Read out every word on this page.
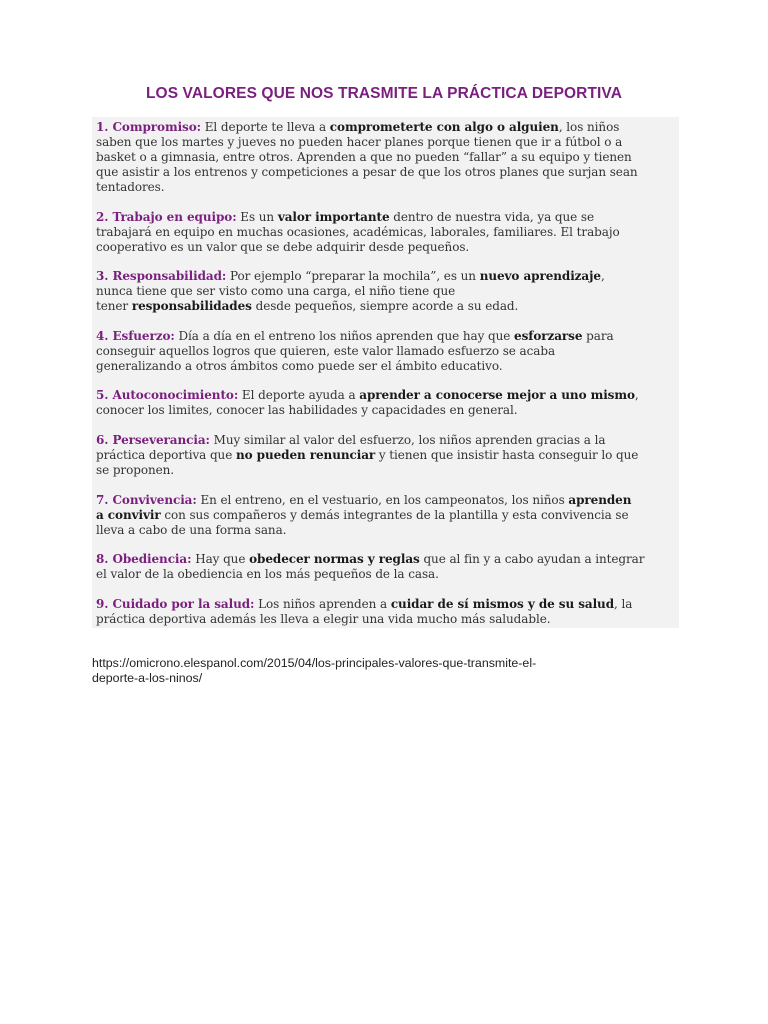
LOS VALORES QUE NOS TRASMITE LA PRÁCTICA DEPORTIVA
1. Compromiso: El deporte te lleva a comprometerte con algo o alguien, los niños
saben que los martes y jueves no pueden hacer planes porque tienen que ir a fútbol o a
basket o a gimnasia, entre otros. Aprenden a que no pueden “fallar” a su equipo y tienen
que asistir a los entrenos y competiciones a pesar de que los otros planes que surjan sean
tentadores.
2. Trabajo en equipo: Es un valor importante dentro de nuestra vida, ya que se
trabajará en equipo en muchas ocasiones, académicas, laborales, familiares. El trabajo
cooperativo es un valor que se debe adquirir desde pequeños.
3. Responsabilidad: Por ejemplo “preparar la mochila”, es un nuevo aprendizaje,
nunca tiene que ser visto como una carga, el niño tiene que
tener responsabilidades desde pequeños, siempre acorde a su edad.
4. Esfuerzo: Día a día en el entreno los niños aprenden que hay que esforzarse para
conseguir aquellos logros que quieren, este valor llamado esfuerzo se acaba
generalizando a otros ámbitos como puede ser el ámbito educativo.
5. Autoconocimiento: El deporte ayuda a aprender a conocerse mejor a uno mismo,
conocer los limites, conocer las habilidades y capacidades en general.
6. Perseverancia: Muy similar al valor del esfuerzo, los niños aprenden gracias a la
práctica deportiva que no pueden renunciar y tienen que insistir hasta conseguir lo que
se proponen.
7. Convivencia: En el entreno, en el vestuario, en los campeonatos, los niños aprenden
a convivir con sus compañeros y demás integrantes de la plantilla y esta convivencia se
lleva a cabo de una forma sana.
8. Obediencia: Hay que obedecer normas y reglas que al fin y a cabo ayudan a integrar
el valor de la obediencia en los más pequeños de la casa.
9. Cuidado por la salud: Los niños aprenden a cuidar de sí mismos y de su salud, la
práctica deportiva además les lleva a elegir una vida mucho más saludable.

https://omicrono.elespanol.com/2015/04/los-principales-valores-que-transmite-el-
deporte-a-los-ninos/
